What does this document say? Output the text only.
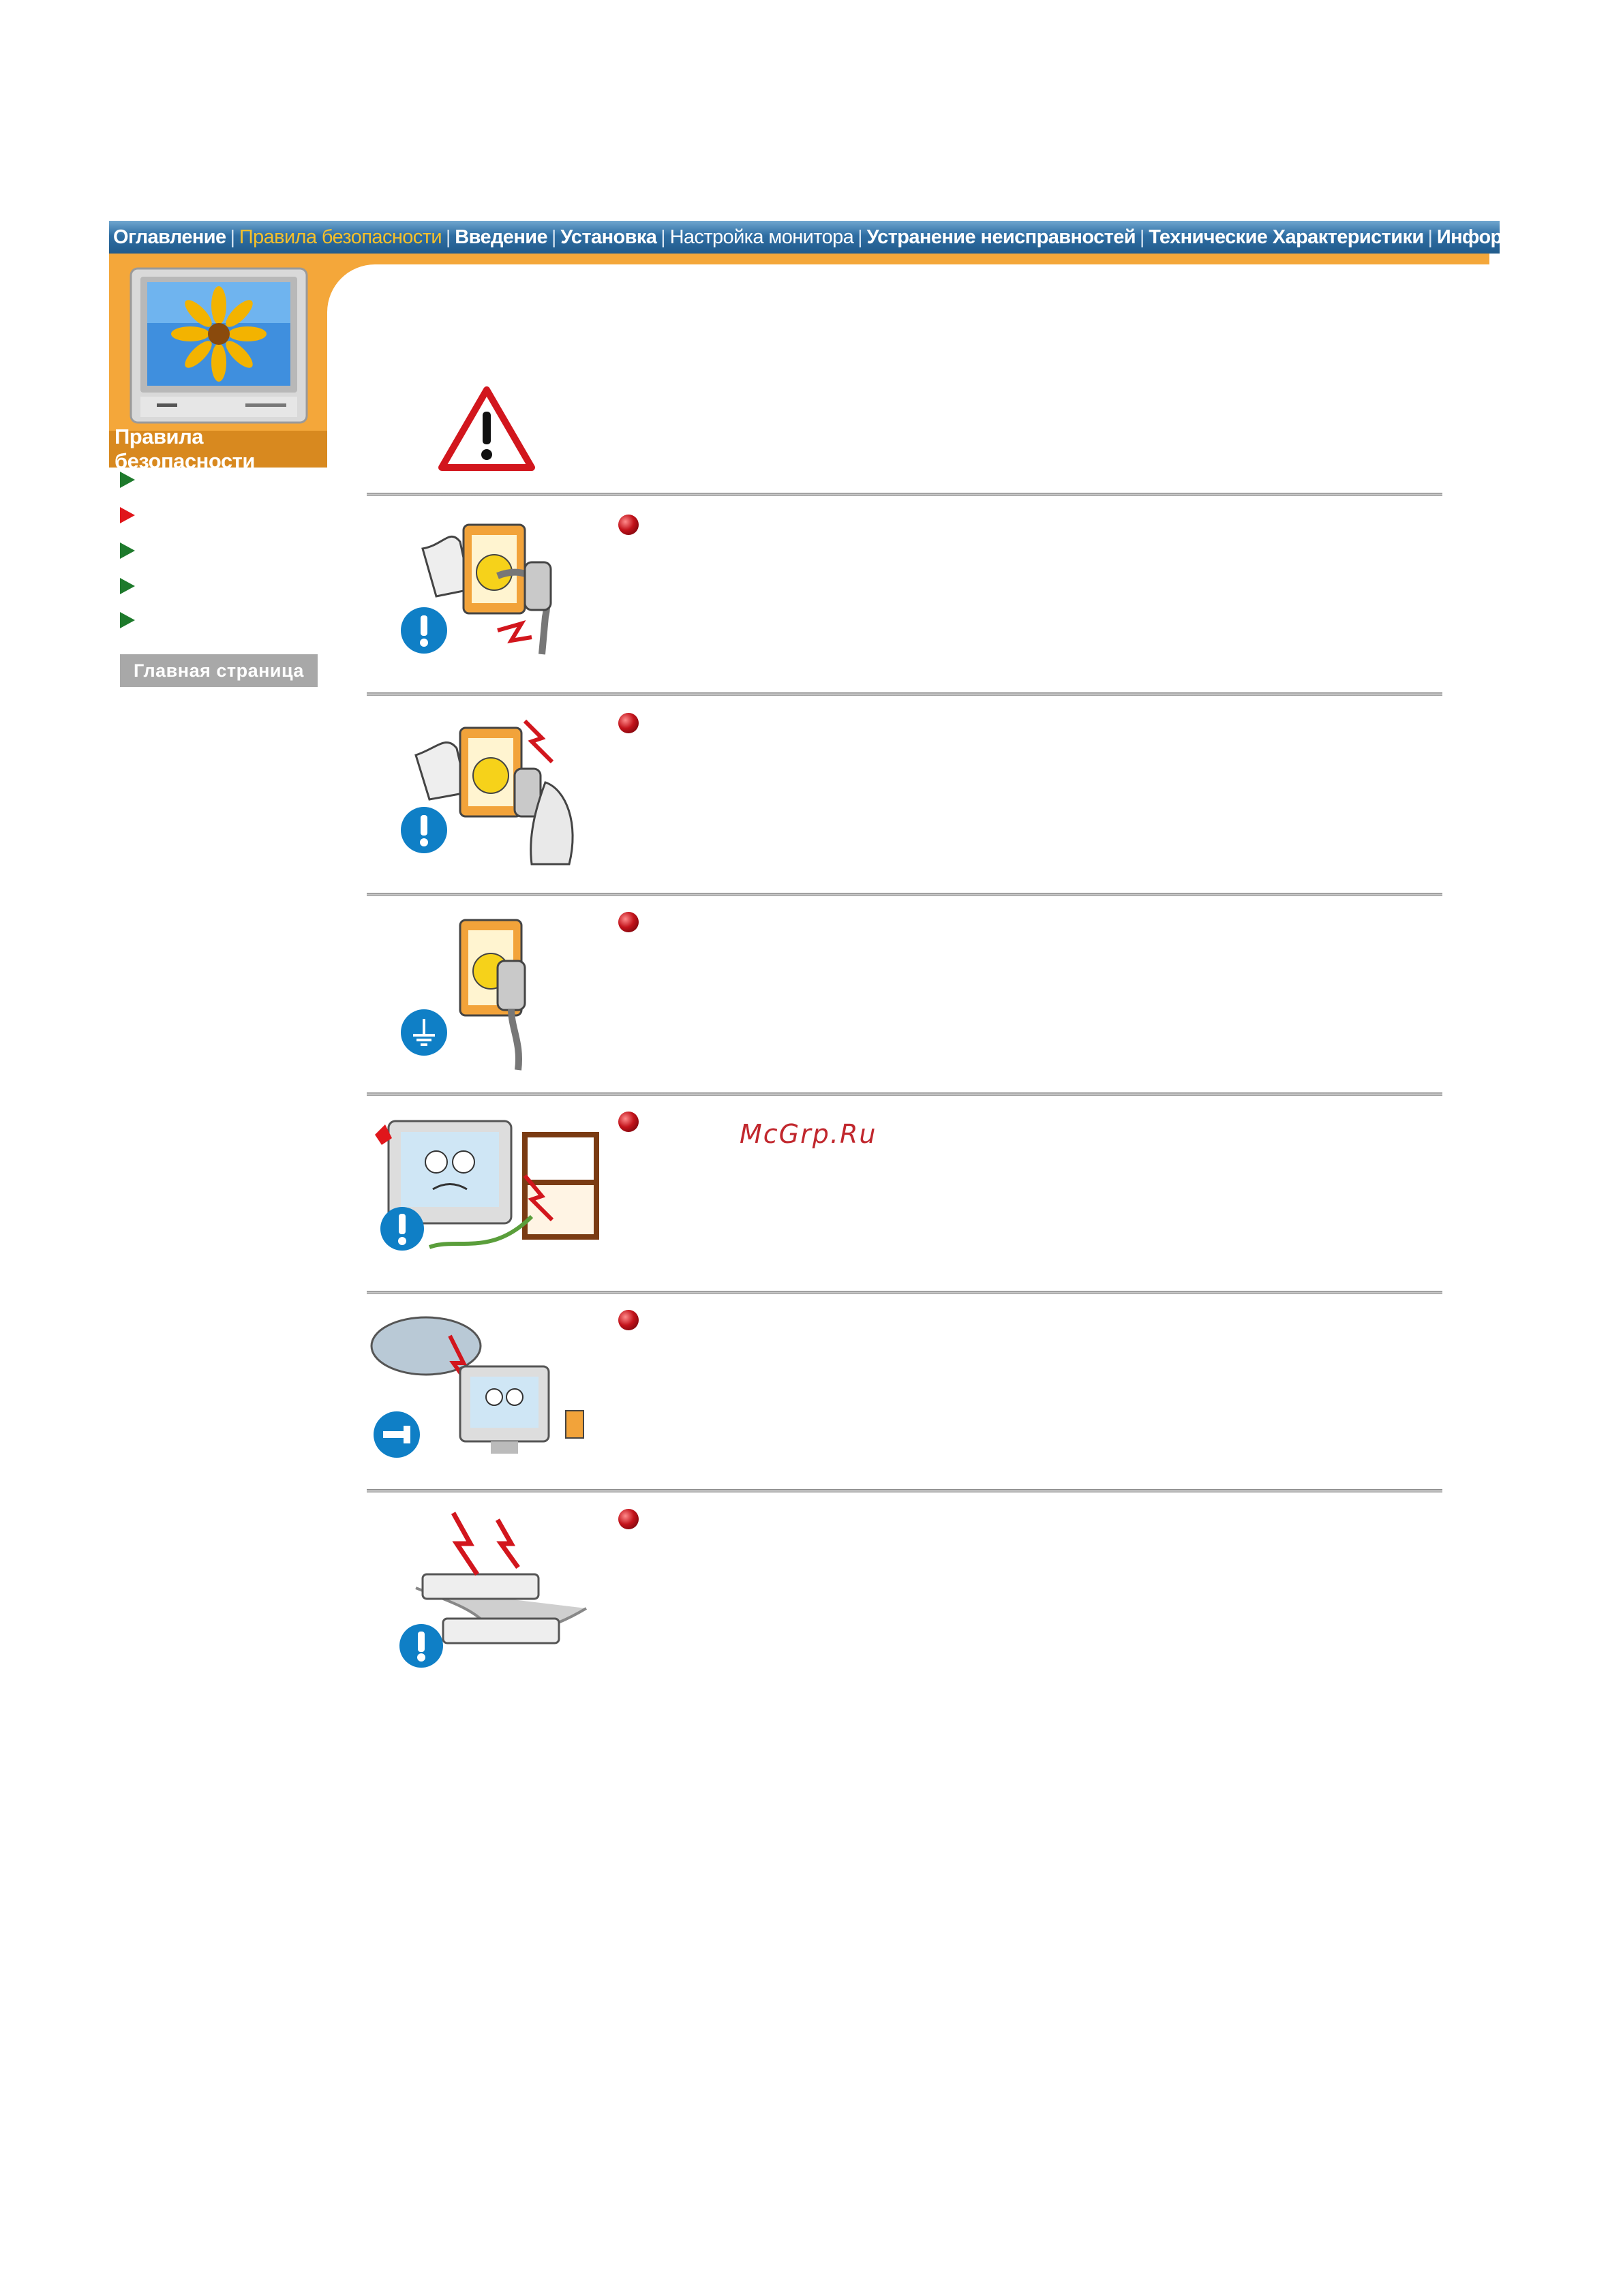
Оглавление | Правила безопасности | Введение | Установка | Настройка монитора | Устранение неисправностей | Технические Характеристики | Информации
Правила безопасности
Главная страница
McGrp.Ru
